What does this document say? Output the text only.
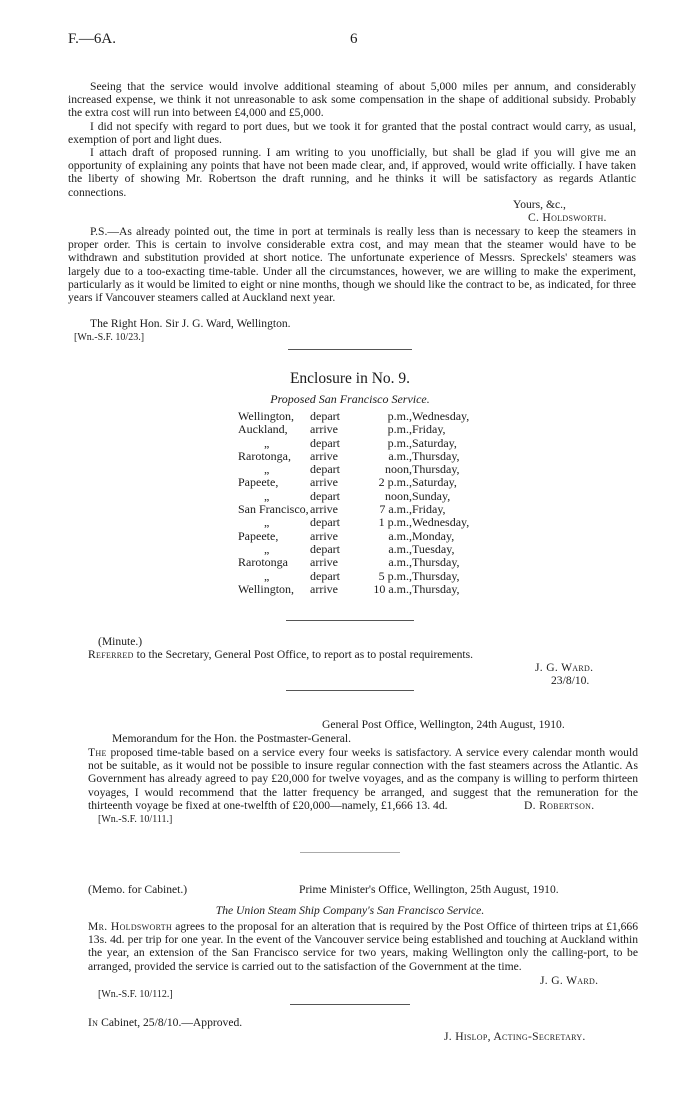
F.—6A.	6

Seeing that the service would involve additional steaming of about 5,000 miles per annum, and considerably increased expense, we think it not unreasonable to ask some compensation in the shape of additional subsidy. Probably the extra cost will run into between £4,000 and £5,000.

I did not specify with regard to port dues, but we took it for granted that the postal contract would carry, as usual, exemption of port and light dues.

I attach draft of proposed running. I am writing to you unofficially, but shall be glad if you will give me an opportunity of explaining any points that have not been made clear, and, if approved, would write officially. I have taken the liberty of showing Mr. Robertson the draft running, and he thinks it will be satisfactory as regards Atlantic connections.

Yours, &c.,
C. Holdsworth.

P.S.—As already pointed out, the time in port at terminals is really less than is necessary to keep the steamers in proper order. This is certain to involve considerable extra cost, and may mean that the steamer would have to be withdrawn and substitution provided at short notice. The unfortunate experience of Messrs. Spreckels' steamers was largely due to a too-exacting time-table. Under all the circumstances, however, we are willing to make the experiment, particularly as it would be limited to eight or nine months, though we should like the contract to be, as indicated, for three years if Vancouver steamers called at Auckland next year.

The Right Hon. Sir J. G. Ward, Wellington.
[Wn.-S.F. 10/23.]
Enclosure in No. 9.
Proposed San Francisco Service.
Wellington,	depart	p.m.,	Wednesday,
Auckland,	arrive	p.m.,	Friday,
„	depart	p.m.,	Saturday,
Rarotonga,	arrive	a.m.,	Thursday,
„	depart	noon,	Thursday,
Papeete,	arrive	2 p.m.,	Saturday,
„	depart	noon,	Sunday,
San Francisco,	arrive	7 a.m.,	Friday,
„	depart	1 p.m.,	Wednesday,
Papeete,	arrive	a.m.,	Monday,
„	depart	a.m.,	Tuesday,
Rarotonga	arrive	a.m.,	Thursday,
„	depart	5 p.m.,	Thursday,
Wellington,	arrive	10 a.m.,	Thursday,
(Minute.)
Referred to the Secretary, General Post Office, to report as to postal requirements.
J. G. Ward.
23/8/10.
General Post Office, Wellington, 24th August, 1910.
Memorandum for the Hon. the Postmaster-General.

The proposed time-table based on a service every four weeks is satisfactory. A service every calendar month would not be suitable, as it would not be possible to insure regular connection with the fast steamers across the Atlantic. As Government has already agreed to pay £20,000 for twelve voyages, and as the company is willing to perform thirteen voyages, I would recommend that the latter frequency be arranged, and suggest that the remuneration for the thirteenth voyage be fixed at one-twelfth of £20,000—namely, £1,666 13. 4d.	D. Robertson.
[Wn.-S.F. 10/111.]
(Memo. for Cabinet.)	Prime Minister's Office, Wellington, 25th August, 1910.
The Union Steam Ship Company's San Francisco Service.

Mr. Holdsworth agrees to the proposal for an alteration that is required by the Post Office of thirteen trips at £1,666 13s. 4d. per trip for one year. In the event of the Vancouver service being established and touching at Auckland within the year, an extension of the San Francisco service for two years, making Wellington only the calling-port, to be arranged, provided the service is carried out to the satisfaction of the Government at the time.

J. G. Ward.
[Wn.-S.F. 10/112.]
In Cabinet, 25/8/10.—Approved.
J. Hislop, Acting-Secretary.
